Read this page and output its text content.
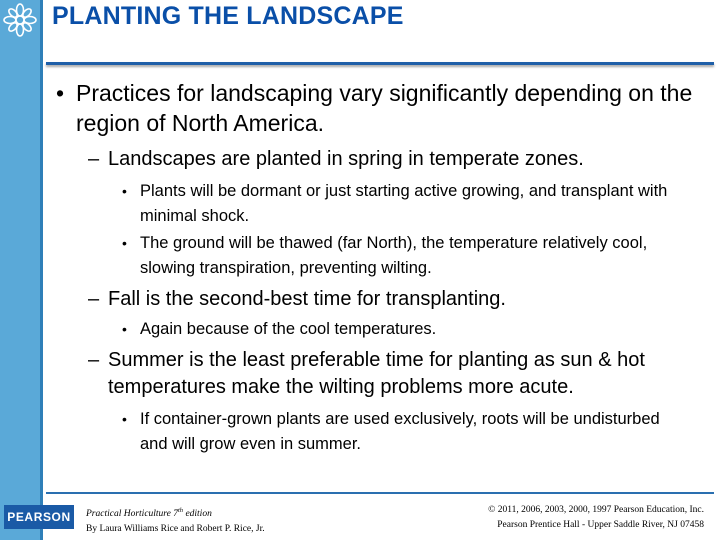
PLANTING THE LANDSCAPE
• Practices for landscaping vary significantly depending on the region of North America.
– Landscapes are planted in spring in temperate zones.
• Plants will be dormant or just starting active growing, and transplant with minimal shock.
• The ground will be thawed (far North), the temperature relatively cool, slowing transpiration, preventing wilting.
– Fall is the second-best time for transplanting.
• Again because of the cool temperatures.
– Summer is the least preferable time for planting as sun & hot temperatures make the wilting problems more acute.
• If container-grown plants are used exclusively, roots will be undisturbed and will grow even in summer.
PEARSON	Practical Horticulture 7th edition
By Laura Williams Rice and Robert P. Rice, Jr.
© 2011, 2006, 2003, 2000, 1997 Pearson Education, Inc.
Pearson Prentice Hall - Upper Saddle River, NJ 07458
